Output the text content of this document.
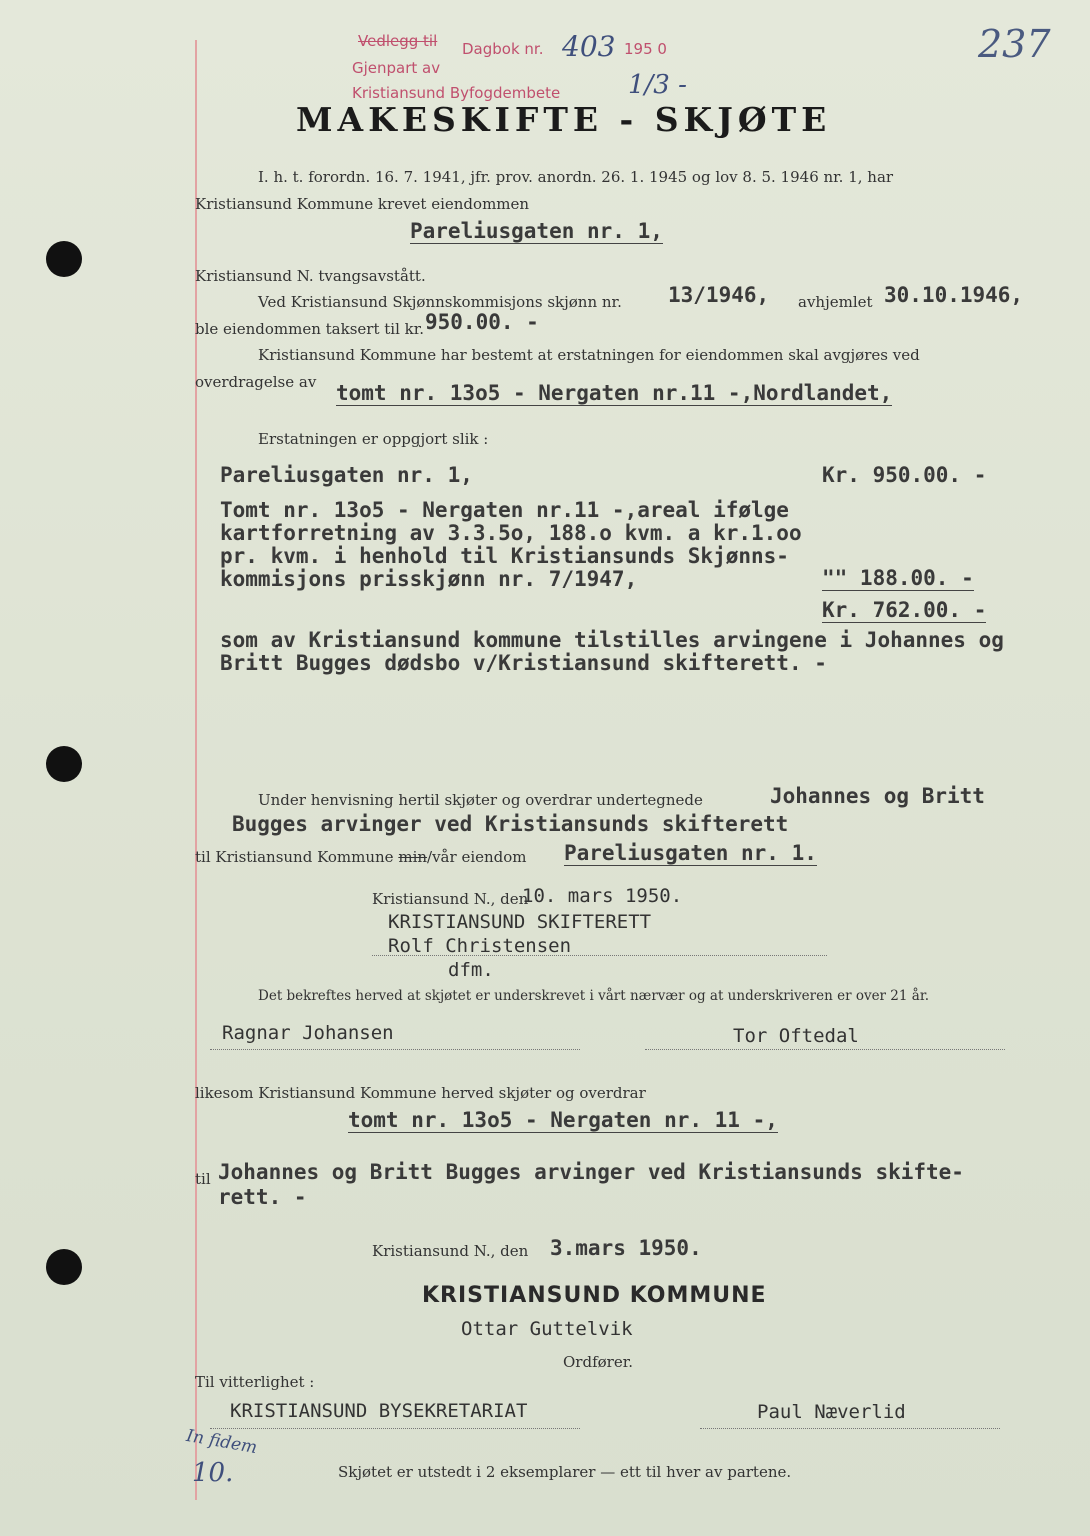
Vedlegg til
Gjenpart av
Kristiansund Byfogdembete
Dagbok nr. 403 195 0
1/3 -
237
MAKESKIFTE - SKJØTE
I. h. t. forordn. 16. 7. 1941, jfr. prov. anordn. 26. 1. 1945 og lov 8. 5. 1946 nr. 1, har
Kristiansund Kommune krevet eiendommen
Pareliusgaten nr. 1,
Kristiansund N. tvangsavstått.
Ved Kristiansund Skjønnskommisjons skjønn nr. 13/1946, avhjemlet 30.10.1946,
ble eiendommen taksert til kr. 950.00. -
Kristiansund Kommune har bestemt at erstatningen for eiendommen skal avgjøres ved
overdragelse av tomt nr. 13o5 - Nergaten nr.11 -,Nordlandet,
Erstatningen er oppgjort slik :
Pareliusgaten nr. 1,	Kr. 950.00. -
Tomt nr. 13o5 - Nergaten nr.11 -,areal ifølge
kartforretning av 3.3.5o, 188.o kvm. a kr.1.oo
pr. kvm. i henhold til Kristiansunds Skjønns-
kommisjons prisskjønn nr. 7/1947,	"" 188.00. -
Kr. 762.00. -
som av Kristiansund kommune tilstilles arvingene i Johannes og
Britt Bugges dødsbo v/Kristiansund skifterett. -
Under henvisning hertil skjøter og overdrar undertegnede	Johannes og Britt
Bugges arvinger ved Kristiansunds skifterett
til Kristiansund Kommune min/vår eiendom Pareliusgaten nr. 1.
Kristiansund N., den
10. mars 1950.
KRISTIANSUND SKIFTERETT
Rolf Christensen
dfm.
Det bekreftes herved at skjøtet er underskrevet i vårt nærvær og at underskriveren er over 21 år.
Ragnar Johansen	Tor Oftedal
likesom Kristiansund Kommune herved skjøter og overdrar
tomt nr. 13o5 - Nergaten nr. 11 -,
til Johannes og Britt Bugges arvinger ved Kristiansunds skifte-
rett. -
Kristiansund N., den 3.mars 1950.
KRISTIANSUND KOMMUNE
Ottar Guttelvik
Ordfører.
Til vitterlighet :
KRISTIANSUND BYSEKRETARIAT	Paul Næverlid
In fidem
10.	Skjøtet er utstedt i 2 eksemplarer — ett til hver av partene.
